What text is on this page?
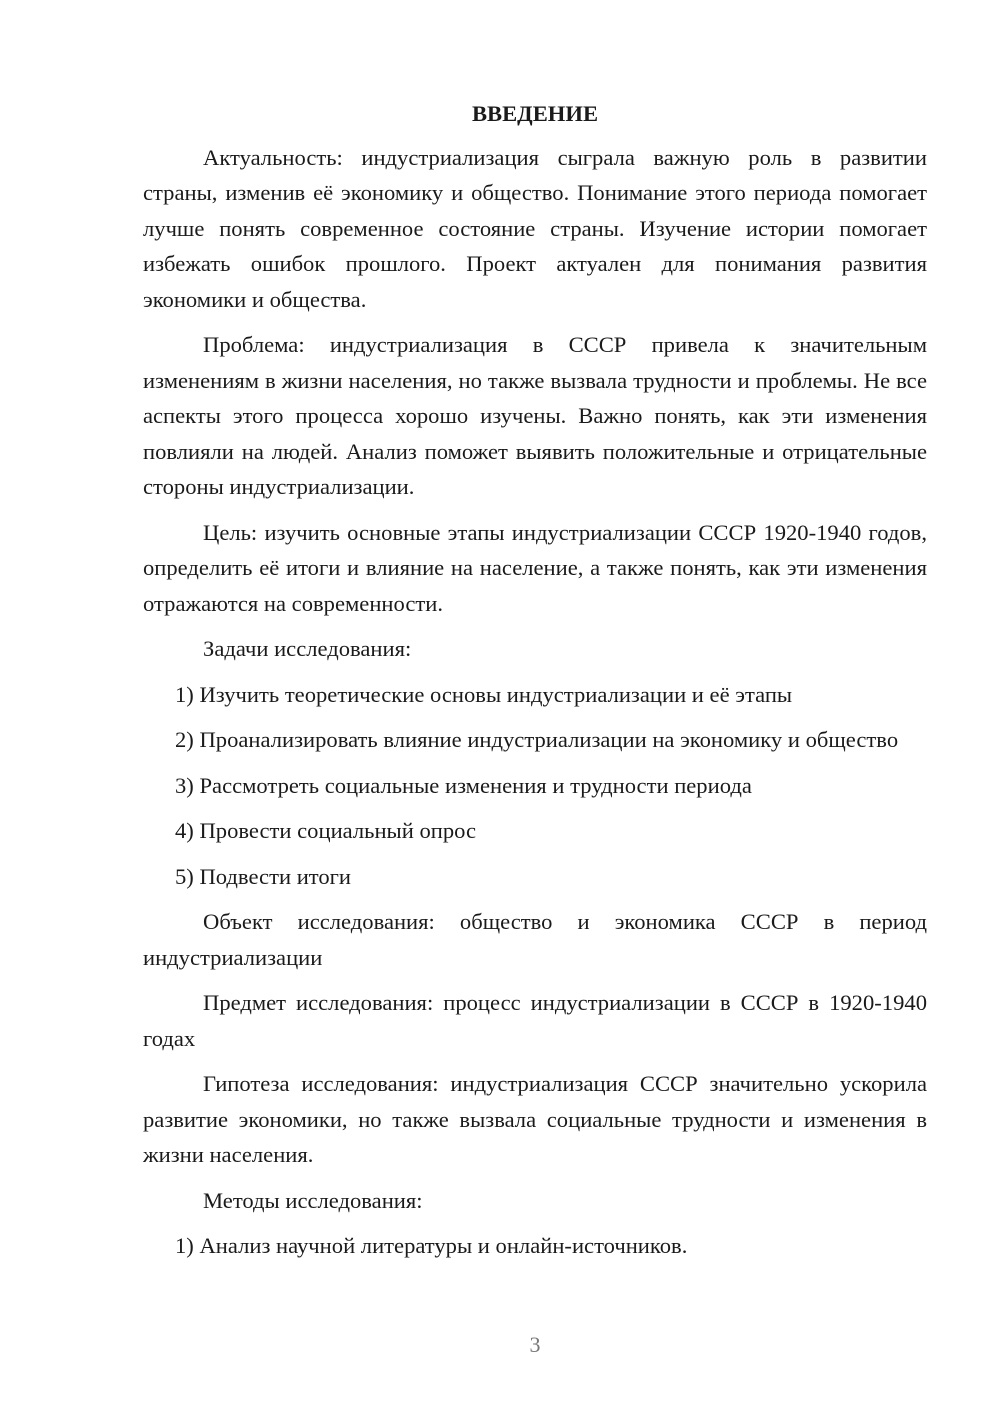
ВВЕДЕНИЕ

Актуальность: индустриализация сыграла важную роль в развитии страны, изменив её экономику и общество. Понимание этого периода помогает лучше понять современное состояние страны. Изучение истории помогает избежать ошибок прошлого. Проект актуален для понимания развития экономики и общества.

Проблема: индустриализация в СССР привела к значительным изменениям в жизни населения, но также вызвала трудности и проблемы. Не все аспекты этого процесса хорошо изучены. Важно понять, как эти изменения повлияли на людей. Анализ поможет выявить положительные и отрицательные стороны индустриализации.

Цель: изучить основные этапы индустриализации СССР 1920-1940 годов, определить её итоги и влияние на население, а также понять, как эти изменения отражаются на современности.

Задачи исследования:

1) Изучить теоретические основы индустриализации и её этапы

2) Проанализировать влияние индустриализации на экономику и общество

3) Рассмотреть социальные изменения и трудности периода

4) Провести социальный опрос

5) Подвести итоги

Объект исследования: общество и экономика СССР в период индустриализации

Предмет исследования: процесс индустриализации в СССР в 1920-1940 годах

Гипотеза исследования: индустриализация СССР значительно ускорила развитие экономики, но также вызвала социальные трудности и изменения в жизни населения.

Методы исследования:

1) Анализ научной литературы и онлайн-источников.

3
